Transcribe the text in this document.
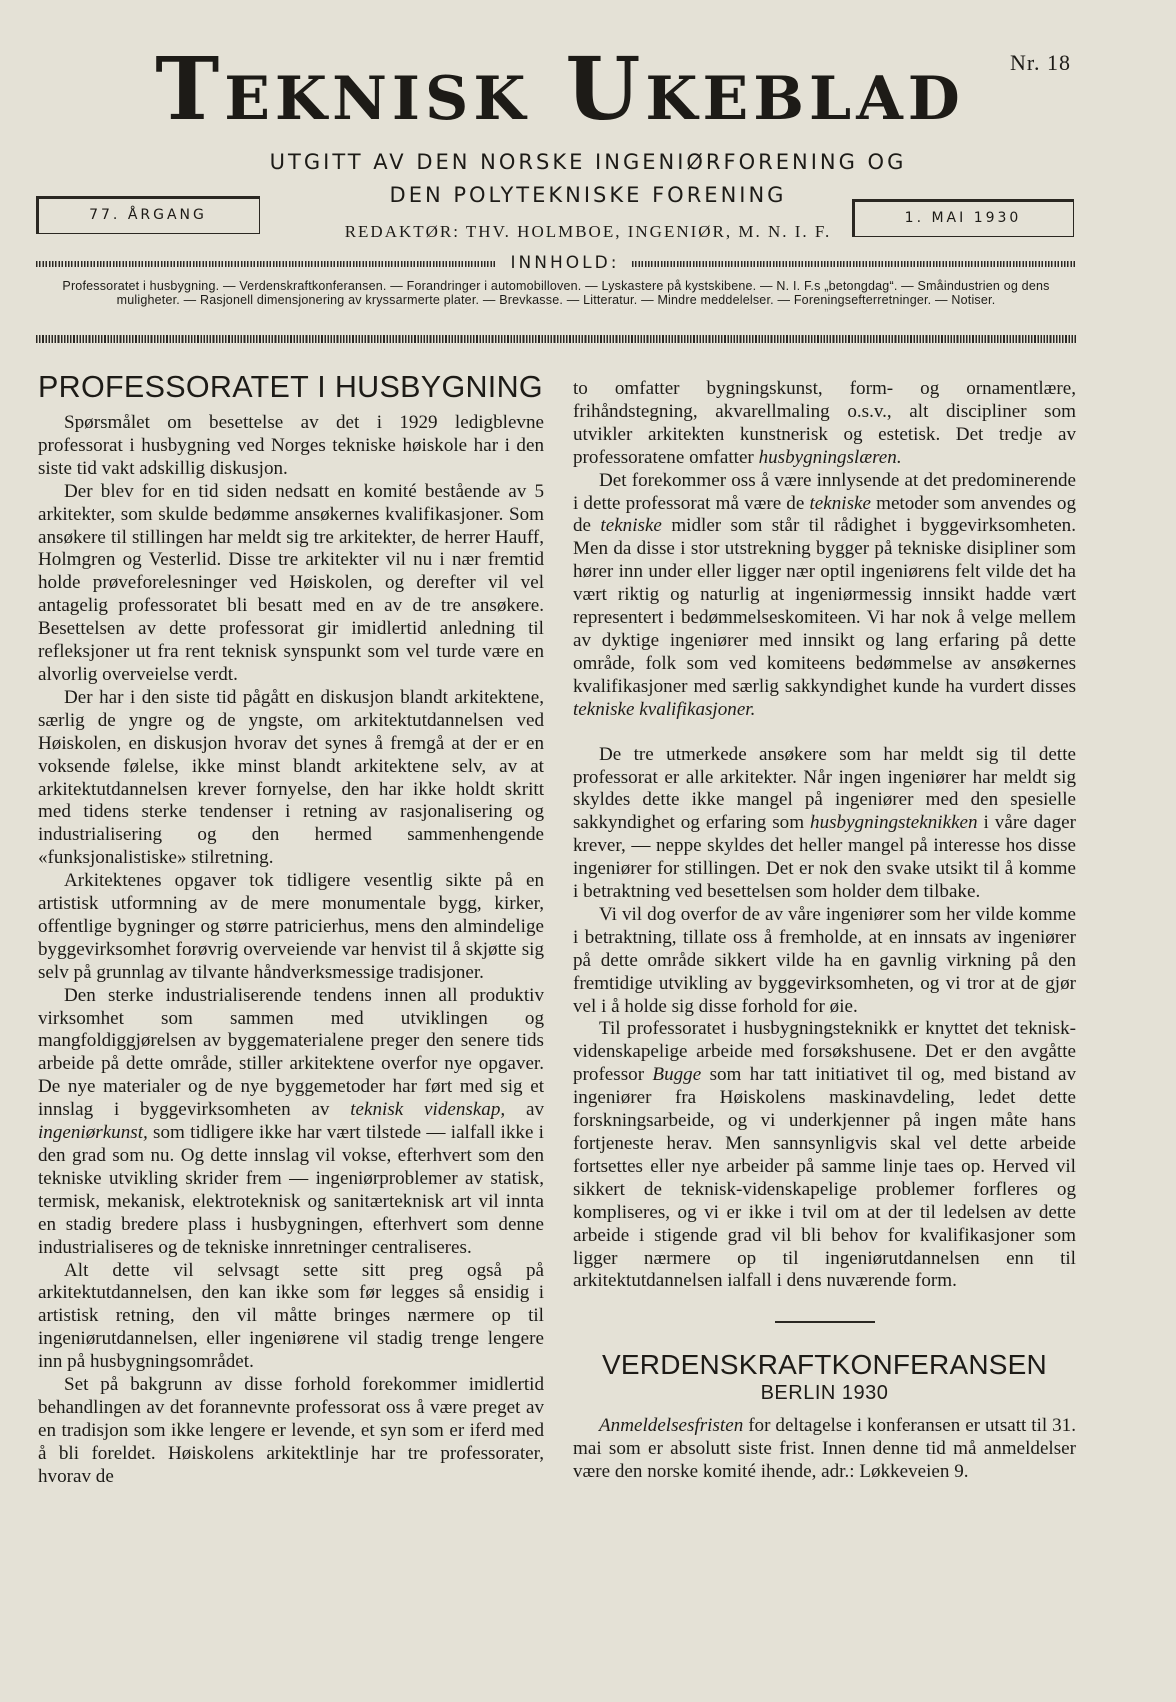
Teknisk Ukeblad	Nr. 18
UTGITT AV DEN NORSKE INGENIØRFORENING OG
DEN POLYTEKNISKE FORENING
REDAKTØR: THV. HOLMBOE, INGENIØR, M. N. I. F.
77. ÅRGANG	1. MAI 1930
INNHOLD:
Professoratet i husbygning. — Verdenskraftkonferansen. — Forandringer i automobilloven. — Lyskastere på kystskibene. — N. I. F.s „betongdag“. — Småindustrien og dens muligheter. — Rasjonell dimensjonering av kryssarmerte plater. — Brevkasse. — Litteratur. — Mindre meddelelser. — Foreningsefterretninger. — Notiser.
PROFESSORATET I HUSBYGNING

Spørsmålet om besettelse av det i 1929 ledigblevne professorat i husbygning ved Norges tekniske høiskole har i den siste tid vakt adskillig diskusjon.

Der blev for en tid siden nedsatt en komité bestående av 5 arkitekter, som skulde bedømme ansøkernes kvalifikasjoner. Som ansøkere til stillingen har meldt sig tre arkitekter, de herrer Hauff, Holmgren og Vesterlid. Disse tre arkitekter vil nu i nær fremtid holde prøveforelesninger ved Høiskolen, og derefter vil vel antagelig professoratet bli besatt med en av de tre ansøkere. Besettelsen av dette professorat gir imidlertid anledning til refleksjoner ut fra rent teknisk synspunkt som vel turde være en alvorlig overveielse verdt.

Der har i den siste tid pågått en diskusjon blandt arkitektene, særlig de yngre og de yngste, om arkitektutdannelsen ved Høiskolen, en diskusjon hvorav det synes å fremgå at der er en voksende følelse, ikke minst blandt arkitektene selv, av at arkitektutdannelsen krever fornyelse, den har ikke holdt skritt med tidens sterke tendenser i retning av rasjonalisering og industrialisering og den hermed sammenhengende «funksjonalistiske» stilretning.

Arkitektenes opgaver tok tidligere vesentlig sikte på en artistisk utformning av de mere monumentale bygg, kirker, offentlige bygninger og større patricierhus, mens den almindelige byggevirksomhet forøvrig overveiende var henvist til å skjøtte sig selv på grunnlag av tilvante håndverksmessige tradisjoner.

Den sterke industrialiserende tendens innen all produktiv virksomhet som sammen med utviklingen og mangfoldiggjørelsen av byggematerialene preger den senere tids arbeide på dette område, stiller arkitektene overfor nye opgaver. De nye materialer og de nye byggemetoder har ført med sig et innslag i byggevirksomheten av teknisk videnskap, av ingeniørkunst, som tidligere ikke har vært tilstede — ialfall ikke i den grad som nu. Og dette innslag vil vokse, efterhvert som den tekniske utvikling skrider frem — ingeniørproblemer av statisk, termisk, mekanisk, elektroteknisk og sanitærteknisk art vil innta en stadig bredere plass i husbygningen, efterhvert som denne industrialiseres og de tekniske innretninger centraliseres.

Alt dette vil selvsagt sette sitt preg også på arkitektutdannelsen, den kan ikke som før legges så ensidig i artistisk retning, den vil måtte bringes nærmere op til ingeniørutdannelsen, eller ingeniørene vil stadig trenge lengere inn på husbygningsområdet.

Set på bakgrunn av disse forhold forekommer imidlertid behandlingen av det forannevnte professorat oss å være preget av en tradisjon som ikke lengere er levende, et syn som er iferd med å bli foreldet. Høiskolens arkitektlinje har tre professorater, hvorav de

to omfatter bygningskunst, form- og ornamentlære, frihåndstegning, akvarellmaling o.s.v., alt discipliner som utvikler arkitekten kunstnerisk og estetisk. Det tredje av professoratene omfatter husbygningslæren.

Det forekommer oss å være innlysende at det predominerende i dette professorat må være de tekniske metoder som anvendes og de tekniske midler som står til rådighet i byggevirksomheten. Men da disse i stor utstrekning bygger på tekniske disipliner som hører inn under eller ligger nær optil ingeniørens felt vilde det ha vært riktig og naturlig at ingeniørmessig innsikt hadde vært representert i bedømmelseskomiteen. Vi har nok å velge mellem av dyktige ingeniører med innsikt og lang erfaring på dette område, folk som ved komiteens bedømmelse av ansøkernes kvalifikasjoner med særlig sakkyndighet kunde ha vurdert disses tekniske kvalifikasjoner.

De tre utmerkede ansøkere som har meldt sig til dette professorat er alle arkitekter. Når ingen ingeniører har meldt sig skyldes dette ikke mangel på ingeniører med den spesielle sakkyndighet og erfaring som husbygningsteknikken i våre dager krever, — neppe skyldes det heller mangel på interesse hos disse ingeniører for stillingen. Det er nok den svake utsikt til å komme i betraktning ved besettelsen som holder dem tilbake.

Vi vil dog overfor de av våre ingeniører som her vilde komme i betraktning, tillate oss å fremholde, at en innsats av ingeniører på dette område sikkert vilde ha en gavnlig virkning på den fremtidige utvikling av byggevirksomheten, og vi tror at de gjør vel i å holde sig disse forhold for øie.

Til professoratet i husbygningsteknikk er knyttet det teknisk-videnskapelige arbeide med forsøkshusene. Det er den avgåtte professor Bugge som har tatt initiativet til og, med bistand av ingeniører fra Høiskolens maskinavdeling, ledet dette forskningsarbeide, og vi underkjenner på ingen måte hans fortjeneste herav. Men sannsynligvis skal vel dette arbeide fortsettes eller nye arbeider på samme linje taes op. Herved vil sikkert de teknisk-videnskapelige problemer forfleres og kompliseres, og vi er ikke i tvil om at der til ledelsen av dette arbeide i stigende grad vil bli behov for kvalifikasjoner som ligger nærmere op til ingeniørutdannelsen enn til arkitektutdannelsen ialfall i dens nuværende form.

VERDENSKRAFTKONFERANSEN
BERLIN 1930

Anmeldelsesfristen for deltagelse i konferansen er utsatt til 31. mai som er absolutt siste frist. Innen denne tid må anmeldelser være den norske komité ihende, adr.: Løkkeveien 9.
